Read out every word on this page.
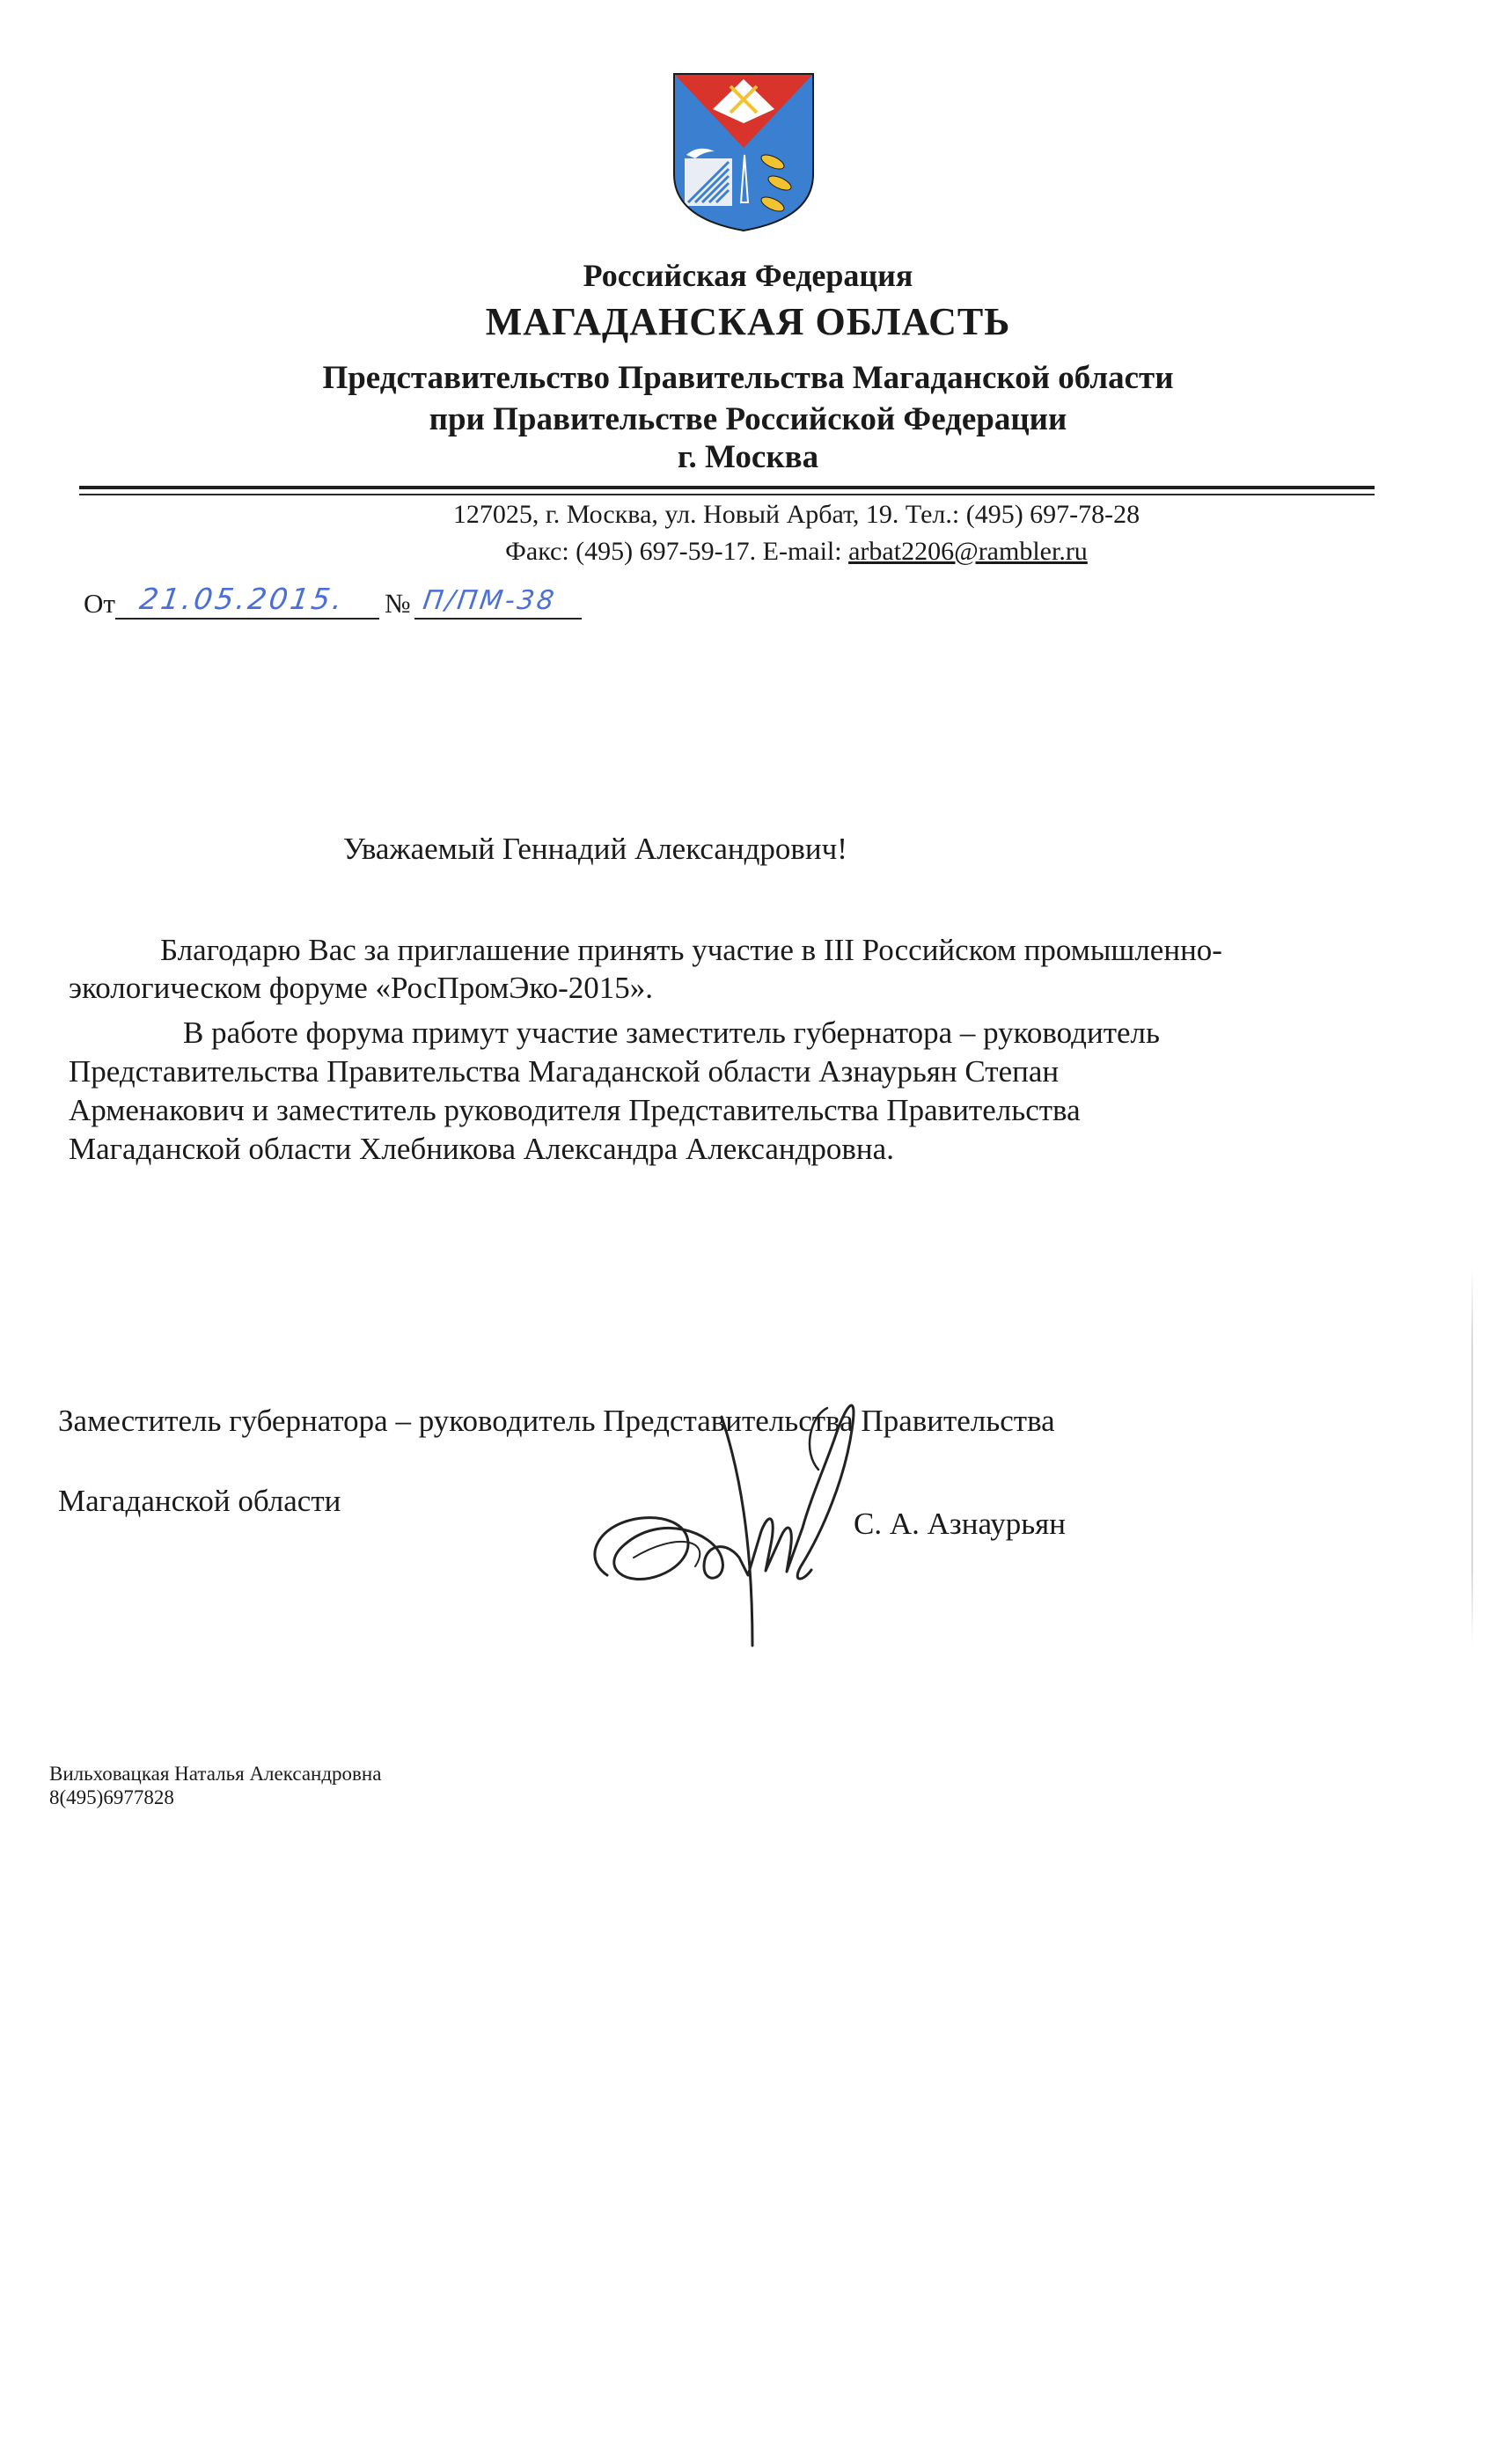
Российская Федерация
МАГАДАНСКАЯ ОБЛАСТЬ
Представительство Правительства Магаданской области
при Правительстве Российской Федерации
г. Москва
127025, г. Москва, ул. Новый Арбат, 19. Тел.: (495) 697-78-28
Факс: (495) 697-59-17. E-mail: arbat2206@rambler.ru
От 21.05.2015. № П/ПМ-38
Уважаемый Геннадий Александрович!
Благодарю Вас за приглашение принять участие в III Российском промышленно-
экологическом форуме «РосПромЭко-2015».
В работе форума примут участие заместитель губернатора – руководитель
Представительства Правительства Магаданской области Азнаурьян Степан
Арменакович и заместитель руководителя Представительства Правительства
Магаданской области Хлебникова Александра Александровна.
Заместитель губернатора – руководитель Представительства Правительства
Магаданской области
С. А. Азнаурьян
Вильховацкая Наталья Александровна
8(495)6977828
